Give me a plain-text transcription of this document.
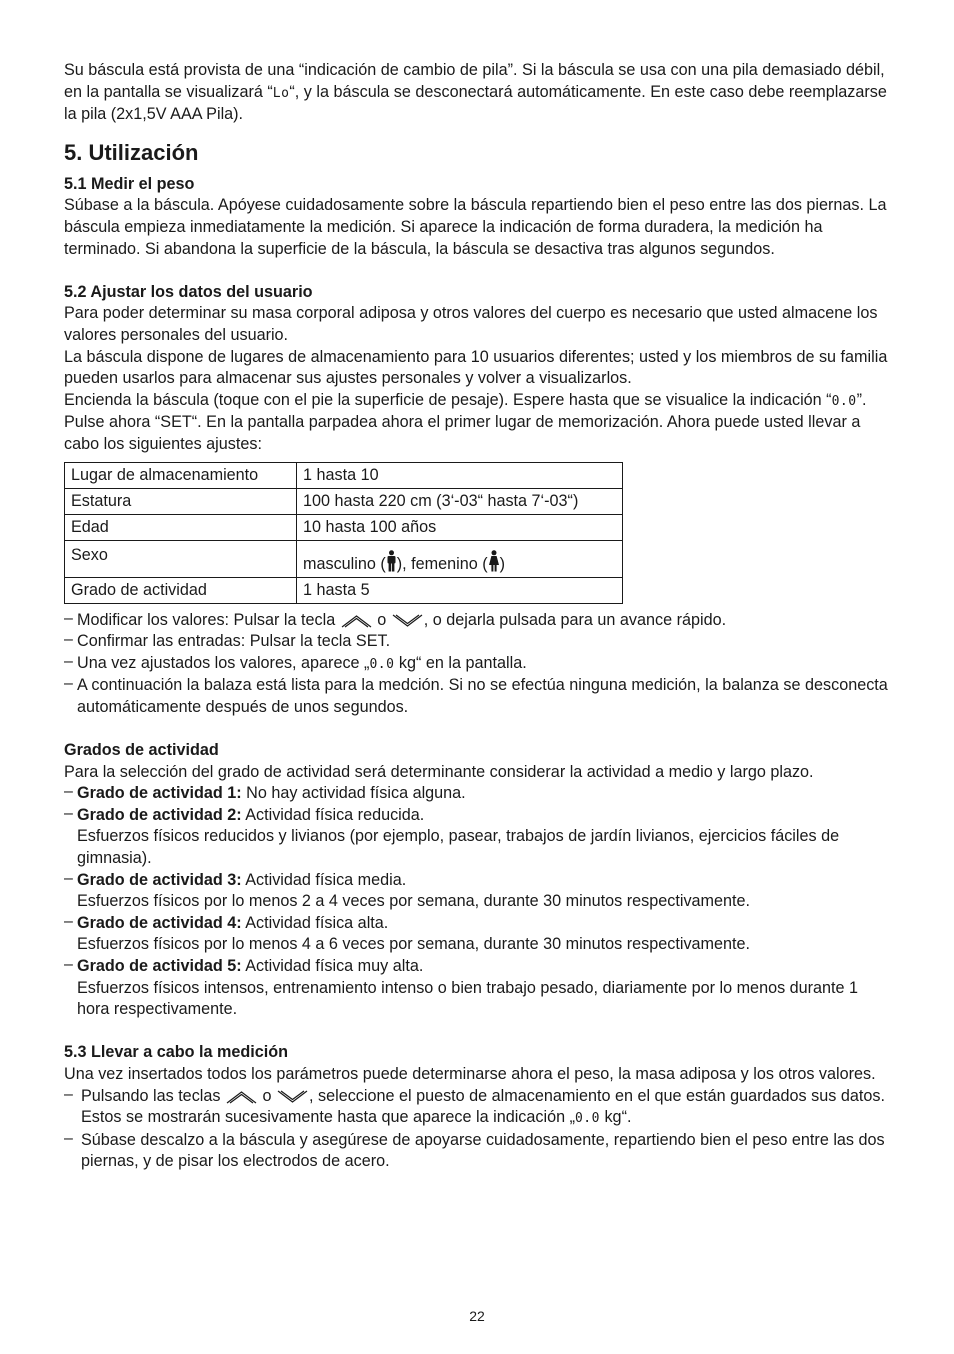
Su báscula está provista de una “indicación de cambio de pila”. Si la báscula se usa con una pila demasiado débil, en la pantalla se visualizará “Lo“, y la báscula se desconectará automáticamente. En este caso debe reemplazarse la pila (2x1,5V AAA Pila).

5. Utilización
5.1 Medir el peso

Súbase a la báscula. Apóyese cuidadosamente sobre la báscula repartiendo bien el peso entre las dos piernas. La báscula empieza inmediatamente la medición. Si aparece la indicación de forma duradera, la medición ha terminado. Si abandona la superficie de la báscula, la báscula se desactiva tras algunos segundos.

5.2 Ajustar los datos del usuario

Para poder determinar su masa corporal adiposa y otros valores del cuerpo es necesario que usted almacene los valores personales del usuario.

La báscula dispone de lugares de almacenamiento para 10 usuarios diferentes; usted y los miembros de su familia pueden usarlos para almacenar sus ajustes personales y volver a visualizarlos.

Encienda la báscula (toque con el pie la superficie de pesaje). Espere hasta que se visualice la indicación “0.0”.

Pulse ahora “SET“. En la pantalla parpadea ahora el primer lugar de memorización. Ahora puede usted llevar a cabo los siguientes ajustes:

Lugar de almacenamiento	1 hasta 10
Estatura	100 hasta 220 cm (3‘-03“ hasta 7‘-03“)
Edad	10 hasta 100 años
Sexo	masculino ( ), femenino ( )
Grado de actividad	1 hasta 5
– Modificar los valores: Pulsar la tecla	o , o dejarla pulsada para un avance rápido.

– Confirmar las entradas: Pulsar la tecla SET.

– Una vez ajustados los valores, aparece „0.0 kg“ en la pantalla.

– A continuación la balaza está lista para la medción. Si no se efectúa ninguna medición, la balanza se desconecta automáticamente después de unos segundos.

Grados de actividad

Para la selección del grado de actividad será determinante considerar la actividad a medio y largo plazo.

– Grado de actividad 1: No hay actividad física alguna.

– Grado de actividad 2: Actividad física reducida.

Esfuerzos físicos reducidos y livianos (por ejemplo, pasear, trabajos de jardín livianos, ejercicios fáciles de gimnasia).

– Grado de actividad 3: Actividad física media.

Esfuerzos físicos por lo menos 2 a 4 veces por semana, durante 30 minutos respectivamente.

– Grado de actividad 4: Actividad física alta.

Esfuerzos físicos por lo menos 4 a 6 veces por semana, durante 30 minutos respectivamente.

– Grado de actividad 5: Actividad física muy alta.

Esfuerzos físicos intensos, entrenamiento intenso o bien trabajo pesado, diariamente por lo menos durante 1 hora respectivamente.

5.3 Llevar a cabo la medición

Una vez insertados todos los parámetros puede determinarse ahora el peso, la masa adiposa y los otros valores.

– Pulsando las teclas	o , seleccione el puesto de almacenamiento en el que están guardados sus datos. Estos se mostrarán sucesivamente hasta que aparece la indicación „0.0 kg“.

– Súbase descalzo a la báscula y asegúrese de apoyarse cuidadosamente, repartiendo bien el peso entre las dos piernas, y de pisar los electrodos de acero.

22
